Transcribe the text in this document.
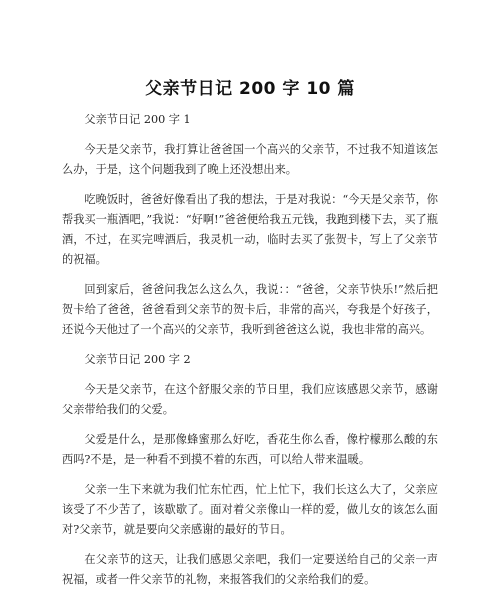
父亲节日记 200 字 10 篇

父亲节日记 200 字 1

今天是父亲节，我打算让爸爸国一个高兴的父亲节，不过我不知道该怎么办，于是，这个问题我到了晚上还没想出来。

吃晚饭时，爸爸好像看出了我的想法，于是对我说：“今天是父亲节，你帮我买一瓶酒吧，”我说：“好啊!”爸爸便给我五元钱，我跑到楼下去，买了瓶酒，不过，在买完啤酒后，我灵机一动，临时去买了张贺卡，写上了父亲节的祝福。

回到家后，爸爸问我怎么这么久，我说：：“爸爸，父亲节快乐!”然后把贺卡给了爸爸，爸爸看到父亲节的贺卡后，非常的高兴，夸我是个好孩子，还说今天他过了一个高兴的父亲节，我听到爸爸这么说，我也非常的高兴。

父亲节日记 200 字 2

今天是父亲节，在这个舒服父亲的节日里，我们应该感恩父亲节，感谢父亲带给我们的父爱。

父爱是什么，是那像蜂蜜那么好吃，香花生你么香，像柠檬那么酸的东西吗?不是，是一种看不到摸不着的东西，可以给人带来温暖。

父亲一生下来就为我们忙东忙西，忙上忙下，我们长这么大了，父亲应该受了不少苦了，该歇歇了。面对着父亲像山一样的爱，做儿女的该怎么面对?父亲节，就是要向父亲感谢的最好的节日。

在父亲节的这天，让我们感恩父亲吧，我们一定要送给自己的父亲一声祝福，或者一件父亲节的礼物，来报答我们的父亲给我们的爱。
